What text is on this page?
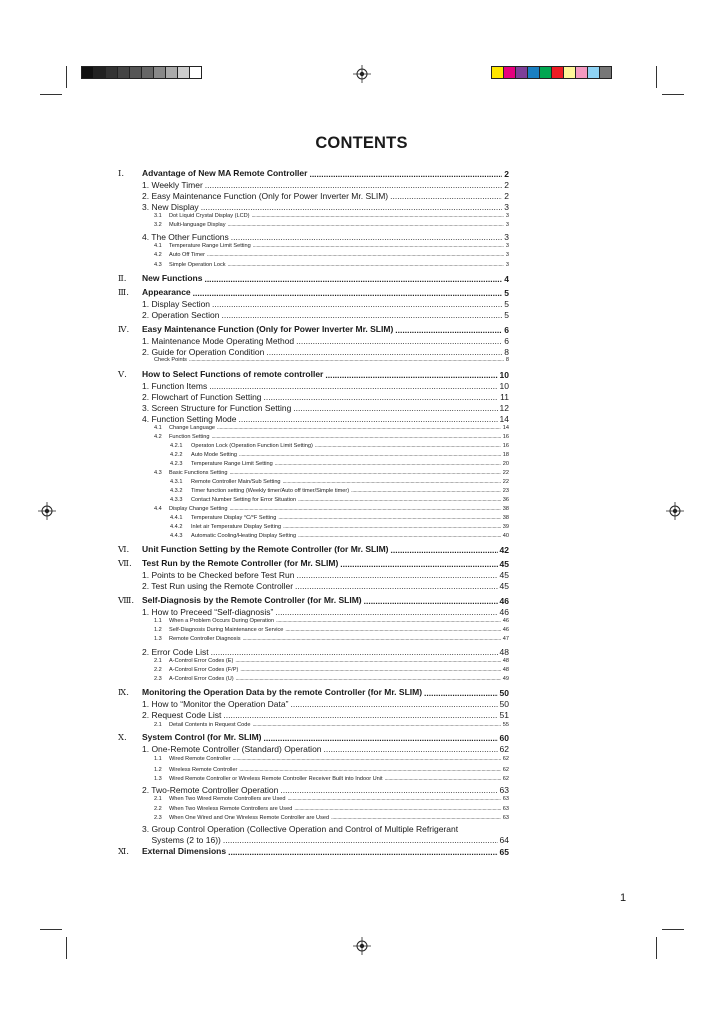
CONTENTS
Ⅰ. Advantage of New MA Remote Controller .....	2
1. Weekly Timer .....	2
2. Easy Maintenance Function (Only for Power Inverter Mr. SLIM) .....	2
3. New Display .....	3
3.1 Dot Liquid Crystal Display (LCD) .....	3
3.2 Multi-language Display .....	3
4. The Other Functions .....	3
4.1 Temperature Range Limit Setting .....	3
4.2 Auto Off Timer .....	3
4.3 Simple Operation Lock .....	3
Ⅱ. New Functions .....	4
Ⅲ. Appearance .....	5
1. Display Section .....	5
2. Operation Section .....	5
Ⅳ. Easy Maintenance Function (Only for Power Inverter Mr. SLIM) .....	6
1. Maintenance Mode Operating Method .....	6
2. Guide for Operation Condition .....	8
Check Points .....	8
Ⅴ. How to Select Functions of remote controller .....	10
1. Function Items .....	10
2. Flowchart of Function Setting .....	11
3. Screen Structure for Function Setting .....	12
4. Function Setting Mode .....	14
4.1 Change Language .....	14
4.2 Function Setting .....	16
4.2.1 Operaton Lock (Operation Function Limit Setting) .....	16
4.2.2 Auto Mode Setting .....	18
4.2.3 Temperature Range Limit Setting .....	20
4.3 Basic Functions Setting .....	22
4.3.1 Remote Controller Main/Sub Setting .....	22
4.3.2 Timer function setting (Weekly timer/Auto off timer/Simple timer) .....	23
4.3.3 Contact Number Setting for Error Situation .....	36
4.4 Display Change Setting .....	38
4.4.1 Temperature Display °C/°F Setting .....	38
4.4.2 Inlet air Temperature Display Setting .....	39
4.4.3 Automatic Cooling/Heating Display Setting .....	40
Ⅵ. Unit Function Setting by the Remote Controller (for Mr. SLIM) .....	42
Ⅶ. Test Run by the Remote Controller (for Mr. SLIM) .....	45
1. Points to be Checked before Test Run .....	45
2. Test Run using the Remote Controller .....	45
Ⅷ. Self-Diagnosis by the Remote Controller (for Mr. SLIM) .....	46
1. How to Preceed “Self-diagnosis” .....	46
1.1 When a Problem Occurs During Operation .....	46
1.2 Self-Diagnosis During Maintenance or Service .....	46
1.3 Remote Controller Diagnosis .....	47
2. Error Code List .....	48
2.1 A-Control Error Codes (E) .....	48
2.2 A-Control Error Codes (F/P) .....	48
2.3 A-Control Error Codes (U) .....	49
Ⅸ. Monitoring the Operation Data by the remote Controller (for Mr. SLIM) .....	50
1. How to “Monitor the Operation Data” .....	50
2. Request Code List .....	51
2.1 Detail Contents in Request Code .....	55
Ⅹ. System Control (for Mr. SLIM) .....	60
1. One-Remote Controller (Standard) Operation .....	62
1.1 Wired Remote Controller .....	62
1.2 Wireless Remote Controller .....	62
1.3 Wired Remote Controller or Wireless Remote Controller Receiver Built into Indoor Unit .....	62
2. Two-Remote Controller Operation .....	63
2.1 When Two Wired Remote Controllers are Used .....	63
2.2 When Two Wireless Remote Controllers are Used .....	63
2.3 When One Wired and One Wireless Remote Controller are Used .....	63
3. Group Control Operation (Collective Operation and Control of Multiple Refrigerant
Systems (2 to 16)) .....	64
Ⅺ. External Dimensions .....	65
1
